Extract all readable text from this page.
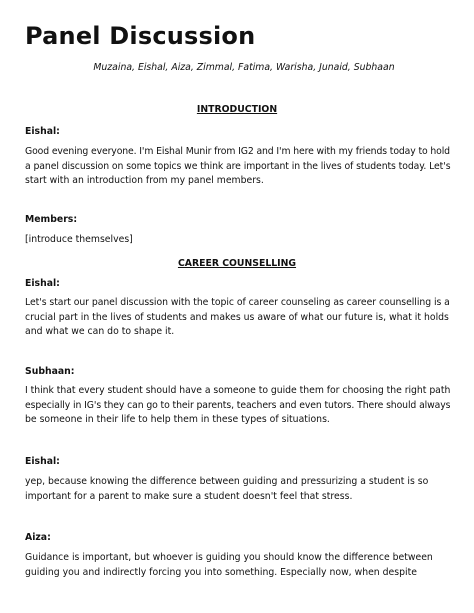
Panel Discussion
Muzaina, Eishal, Aiza, Zimmal, Fatima, Warisha, Junaid, Subhaan
INTRODUCTION
Eishal:
Good evening everyone. I'm Eishal Munir from IG2 and I'm here with my friends today to hold
a panel discussion on some topics we think are important in the lives of students today. Let's
start with an introduction from my panel members.
Members:
[introduce themselves]
CAREER COUNSELLING
Eishal:
Let's start our panel discussion with the topic of career counseling as career counselling is a
crucial part in the lives of students and makes us aware of what our future is, what it holds
and what we can do to shape it.
Subhaan:
I think that every student should have a someone to guide them for choosing the right path
especially in IG's they can go to their parents, teachers and even tutors. There should always
be someone in their life to help them in these types of situations.
Eishal:
yep, because knowing the difference between guiding and pressurizing a student is so
important for a parent to make sure a student doesn't feel that stress.
Aiza:
Guidance is important, but whoever is guiding you should know the difference between
guiding you and indirectly forcing you into something. Especially now, when despite
